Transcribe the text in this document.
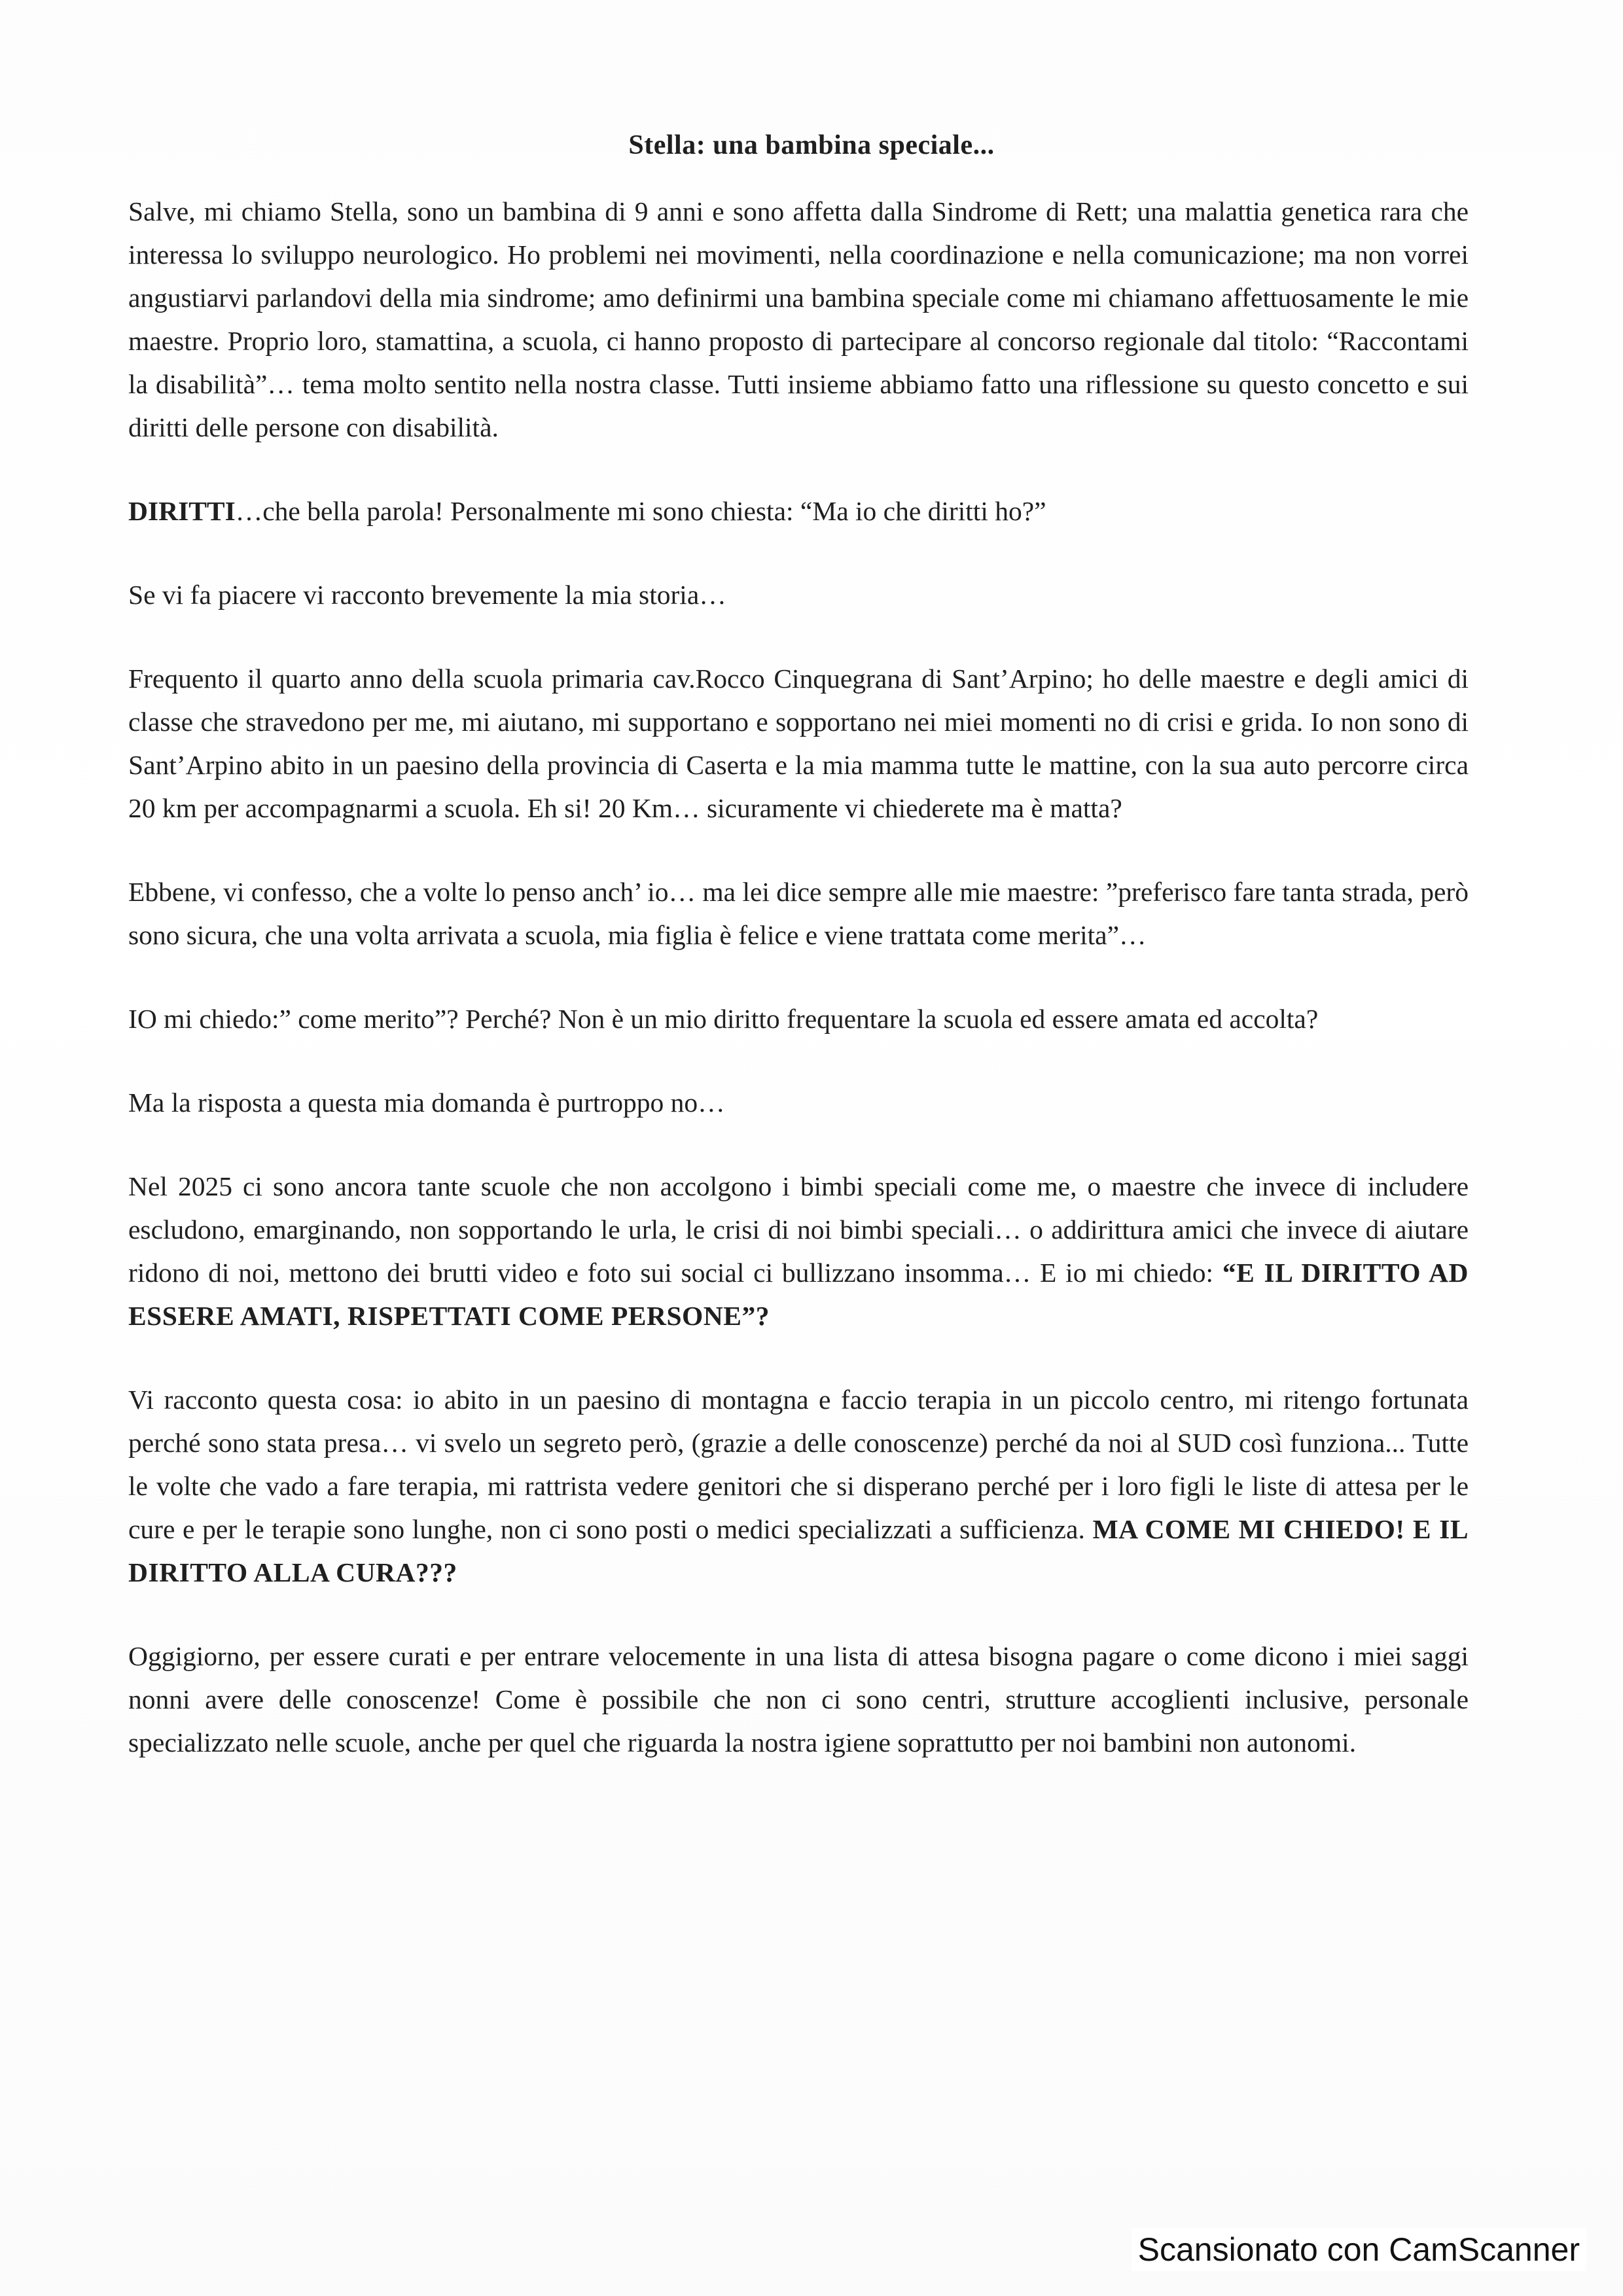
Stella: una bambina speciale...

Salve, mi chiamo Stella, sono un bambina di 9 anni e sono affetta dalla Sindrome di Rett; una malattia genetica rara che interessa lo sviluppo neurologico. Ho problemi nei movimenti, nella coordinazione e nella comunicazione; ma non vorrei angustiarvi parlandovi della mia sindrome; amo definirmi una bambina speciale come mi chiamano affettuosamente le mie maestre. Proprio loro, stamattina, a scuola, ci hanno proposto di partecipare al concorso regionale dal titolo: “Raccontami la disabilità”… tema molto sentito nella nostra classe. Tutti insieme abbiamo fatto una riflessione su questo concetto e sui diritti delle persone con disabilità.

DIRITTI…che bella parola! Personalmente mi sono chiesta: “Ma io che diritti ho?”

Se vi fa piacere vi racconto brevemente la mia storia…

Frequento il quarto anno della scuola primaria cav.Rocco Cinquegrana di Sant’Arpino; ho delle maestre e degli amici di classe che stravedono per me, mi aiutano, mi supportano e sopportano nei miei momenti no di crisi e grida. Io non sono di Sant’Arpino abito in un paesino della provincia di Caserta e la mia mamma tutte le mattine, con la sua auto percorre circa 20 km per accompagnarmi a scuola. Eh si! 20 Km… sicuramente vi chiederete ma è matta?

Ebbene, vi confesso, che a volte lo penso anch’ io… ma lei dice sempre alle mie maestre: ”preferisco fare tanta strada, però sono sicura, che una volta arrivata a scuola, mia figlia è felice e viene trattata come merita”…

IO mi chiedo:” come merito”? Perché? Non è un mio diritto frequentare la scuola ed essere amata ed accolta?

Ma la risposta a questa mia domanda è purtroppo no…

Nel 2025 ci sono ancora tante scuole che non accolgono i bimbi speciali come me, o maestre che invece di includere escludono, emarginando, non sopportando le urla, le crisi di noi bimbi speciali… o addirittura amici che invece di aiutare ridono di noi, mettono dei brutti video e foto sui social ci bullizzano insomma… E io mi chiedo: “E IL DIRITTO AD ESSERE AMATI, RISPETTATI COME PERSONE”?

Vi racconto questa cosa: io abito in un paesino di montagna e faccio terapia in un piccolo centro, mi ritengo fortunata perché sono stata presa… vi svelo un segreto però, (grazie a delle conoscenze) perché da noi al SUD così funziona... Tutte le volte che vado a fare terapia, mi rattrista vedere genitori che si disperano perché per i loro figli le liste di attesa per le cure e per le terapie sono lunghe, non ci sono posti o medici specializzati a sufficienza. MA COME MI CHIEDO! E IL DIRITTO ALLA CURA???

Oggigiorno, per essere curati e per entrare velocemente in una lista di attesa bisogna pagare o come dicono i miei saggi nonni avere delle conoscenze! Come è possibile che non ci sono centri, strutture accoglienti inclusive, personale specializzato nelle scuole, anche per quel che riguarda la nostra igiene soprattutto per noi bambini non autonomi.

Scansionato con CamScanner
